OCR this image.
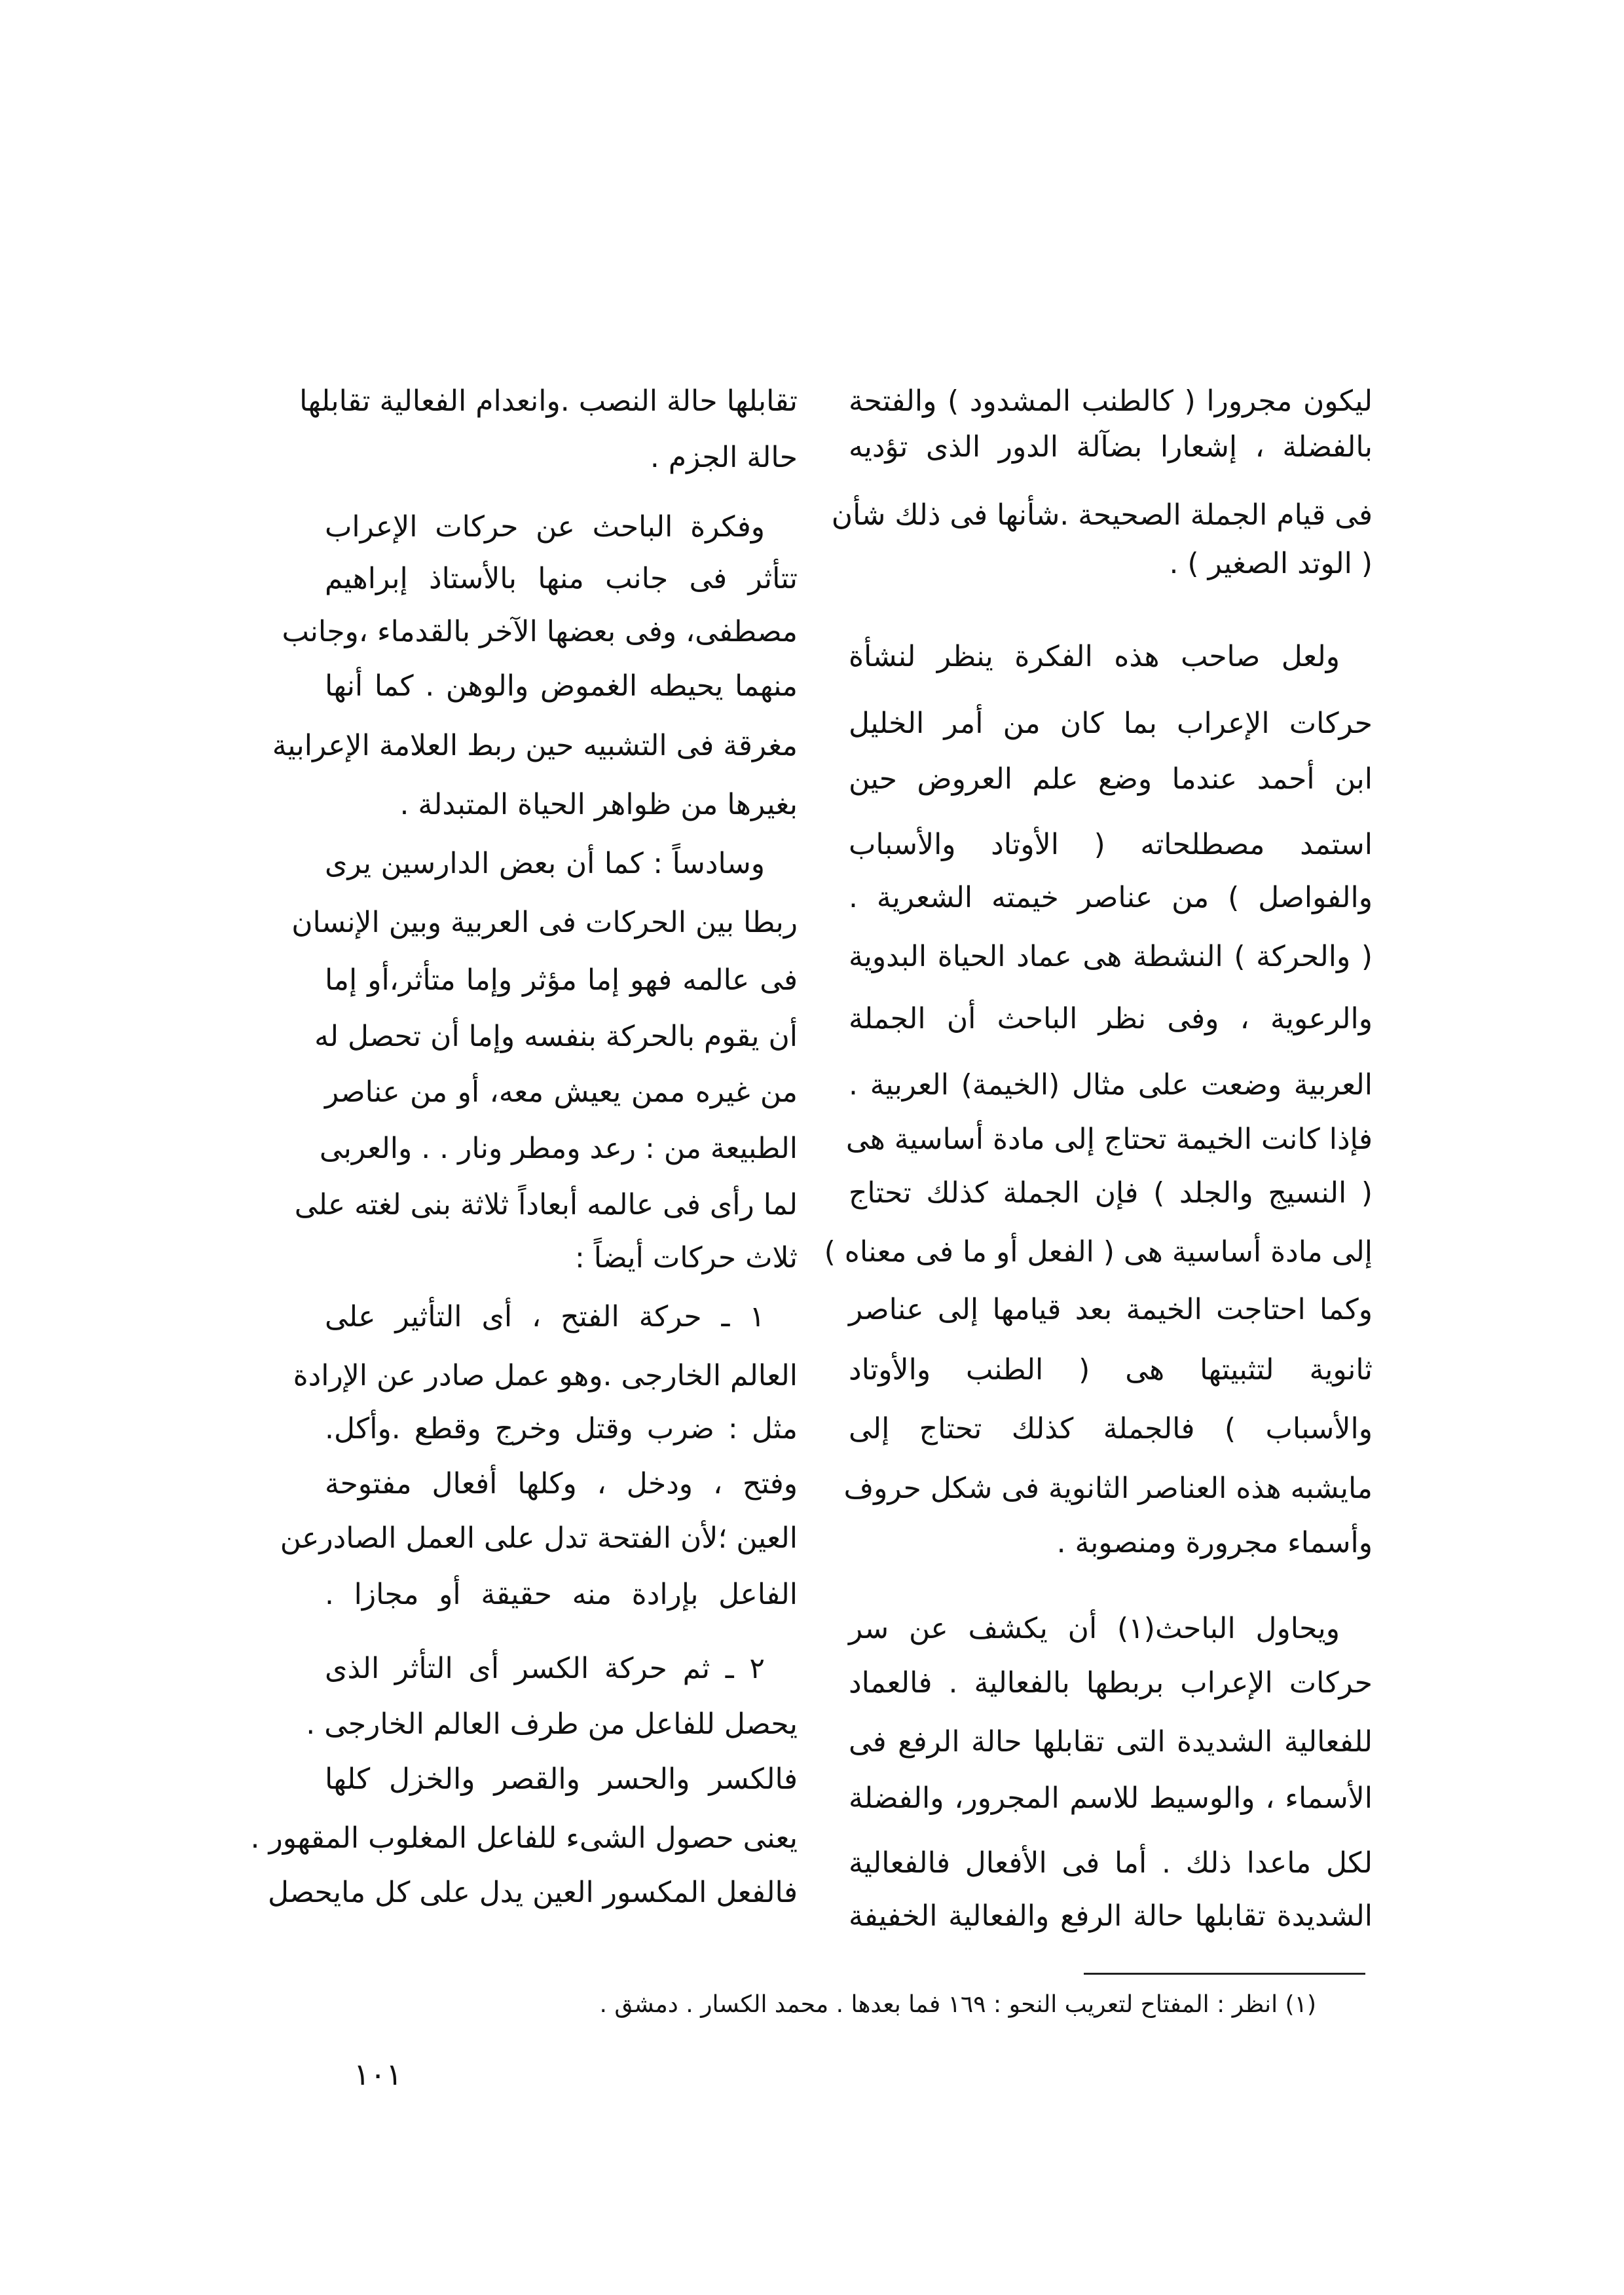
ليكون مجرورا ( كالطنب المشدود ) والفتحة
بالفضلة ، إشعارا بضآلة الدور الذى تؤديه
فى قيام الجملة الصحيحة .شأنها فى ذلك شأن
( الوتد الصغير ) .
ولعل صاحب هذه الفكرة ينظر لنشأة
حركات الإعراب بما كان من أمر الخليل
ابن أحمد عندما وضع علم العروض حين
استمد مصطلحاته ( الأوتاد والأسباب
والفواصل ) من عناصر خيمته الشعرية .
( والحركة ) النشطة هى عماد الحياة البدوية
والرعوية ، وفى نظر الباحث أن الجملة
العربية وضعت على مثال (الخيمة) العربية .
فإذا كانت الخيمة تحتاج إلى مادة أساسية هى
( النسيج والجلد ) فإن الجملة كذلك تحتاج
إلى مادة أساسية هى ( الفعل أو ما فى معناه )
وكما احتاجت الخيمة بعد قيامها إلى عناصر
ثانوية لتثبيتها هى ( الطنب والأوتاد
والأسباب ) فالجملة كذلك تحتاج إلى
مايشبه هذه العناصر الثانوية فى شكل حروف
وأسماء مجرورة ومنصوبة .
ويحاول الباحث(١) أن يكشف عن سر
حركات الإعراب بربطها بالفعالية . فالعماد
للفعالية الشديدة التى تقابلها حالة الرفع فى
الأسماء ، والوسيط للاسم المجرور، والفضلة
لكل ماعدا ذلك . أما فى الأفعال فالفعالية
الشديدة تقابلها حالة الرفع والفعالية الخفيفة
تقابلها حالة النصب .وانعدام الفعالية تقابلها
حالة الجزم .
وفكرة الباحث عن حركات الإعراب
تتأثر فى جانب منها بالأستاذ إبراهيم
مصطفى، وفى بعضها الآخر بالقدماء ،وجانب
منهما يحيطه الغموض والوهن . كما أنها
مغرقة فى التشبيه حين ربط العلامة الإعرابية
بغيرها من ظواهر الحياة المتبدلة .
وسادساً : كما أن بعض الدارسين يرى
ربطا بين الحركات فى العربية وبين الإنسان
فى عالمه فهو إما مؤثر وإما متأثر،أو إما
أن يقوم بالحركة بنفسه وإما أن تحصل له
من غيره ممن يعيش معه، أو من عناصر
الطبيعة من : رعد ومطر ونار . . والعربى
لما رأى فى عالمه أبعاداً ثلاثة بنى لغته على
ثلاث حركات أيضاً :
١ ـ حركة الفتح ، أى التأثير على
العالم الخارجى .وهو عمل صادر عن الإرادة
مثل : ضرب وقتل وخرج وقطع .وأكل.
وفتح ، ودخل ، وكلها أفعال مفتوحة
العين ؛لأن الفتحة تدل على العمل الصادرعن
الفاعل بإرادة منه حقيقة أو مجازا .
٢ ـ ثم حركة الكسر أى التأثر الذى
يحصل للفاعل من طرف العالم الخارجى .
فالكسر والحسر والقصر والخزل كلها
يعنى حصول الشىء للفاعل المغلوب المقهور .
فالفعل المكسور العين يدل على كل مايحصل
(١) انظر : المفتاح لتعريب النحو : ١٦٩ فما بعدها . محمد الكسار . دمشق .
١٠١
